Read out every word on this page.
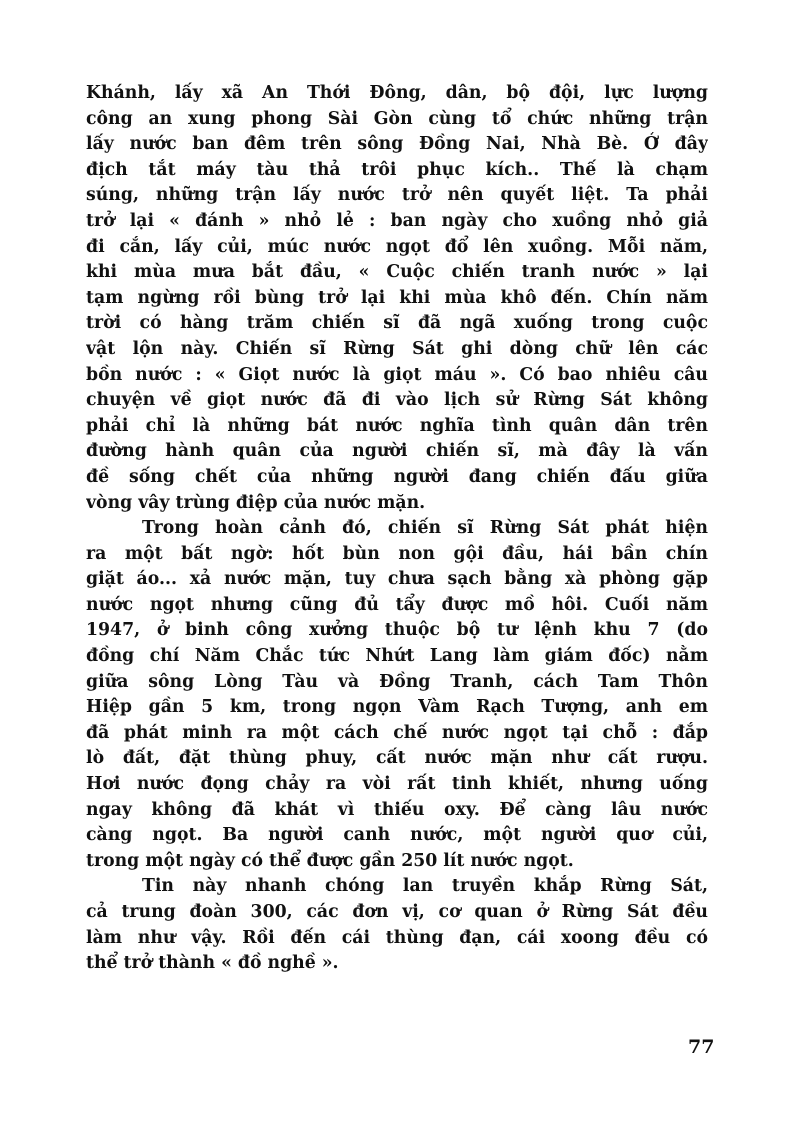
Khánh, lấy xã An Thới Đông, dân, bộ đội, lực lượng
công an xung phong Sài Gòn cùng tổ chức những trận
lấy nước ban đêm trên sông Đồng Nai, Nhà Bè. Ở đây
địch tắt máy tàu thả trôi phục kích.. Thế là chạm
súng, những trận lấy nước trở nên quyết liệt. Ta phải
trở lại « đánh » nhỏ lẻ : ban ngày cho xuồng nhỏ giả
đi cắn, lấy củi, múc nước ngọt đổ lên xuồng. Mỗi năm,
khi mùa mưa bắt đầu, « Cuộc chiến tranh nước » lại
tạm ngừng rồi bùng trở lại khi mùa khô đến. Chín năm
trời có hàng trăm chiến sĩ đã ngã xuống trong cuộc
vật lộn này. Chiến sĩ Rừng Sát ghi dòng chữ lên các
bồn nước : « Giọt nước là giọt máu ». Có bao nhiêu câu
chuyện về giọt nước đã đi vào lịch sử Rừng Sát không
phải chỉ là những bát nước nghĩa tình quân dân trên
đường hành quân của người chiến sĩ, mà đây là vấn
đề sống chết của những người đang chiến đấu giữa
vòng vây trùng điệp của nước mặn.
Trong hoàn cảnh đó, chiến sĩ Rừng Sát phát hiện
ra một bất ngờ: hốt bùn non gội đầu, hái bần chín
giặt áo... xả nước mặn, tuy chưa sạch bằng xà phòng gặp
nước ngọt nhưng cũng đủ tẩy được mồ hôi. Cuối năm
1947, ở binh công xưởng thuộc bộ tư lệnh khu 7 (do
đồng chí Năm Chắc tức Nhứt Lang làm giám đốc) nằm
giữa sông Lòng Tàu và Đồng Tranh, cách Tam Thôn
Hiệp gần 5 km, trong ngọn Vàm Rạch Tượng, anh em
đã phát minh ra một cách chế nước ngọt tại chỗ : đắp
lò đất, đặt thùng phuy, cất nước mặn như cất rượu.
Hơi nước đọng chảy ra vòi rất tinh khiết, nhưng uống
ngay không đã khát vì thiếu oxy. Để càng lâu nước
càng ngọt. Ba người canh nước, một người quơ củi,
trong một ngày có thể được gần 250 lít nước ngọt.
Tin này nhanh chóng lan truyền khắp Rừng Sát,
cả trung đoàn 300, các đơn vị, cơ quan ở Rừng Sát đều
làm như vậy. Rồi đến cái thùng đạn, cái xoong đều có
thể trở thành « đồ nghề ».
77
